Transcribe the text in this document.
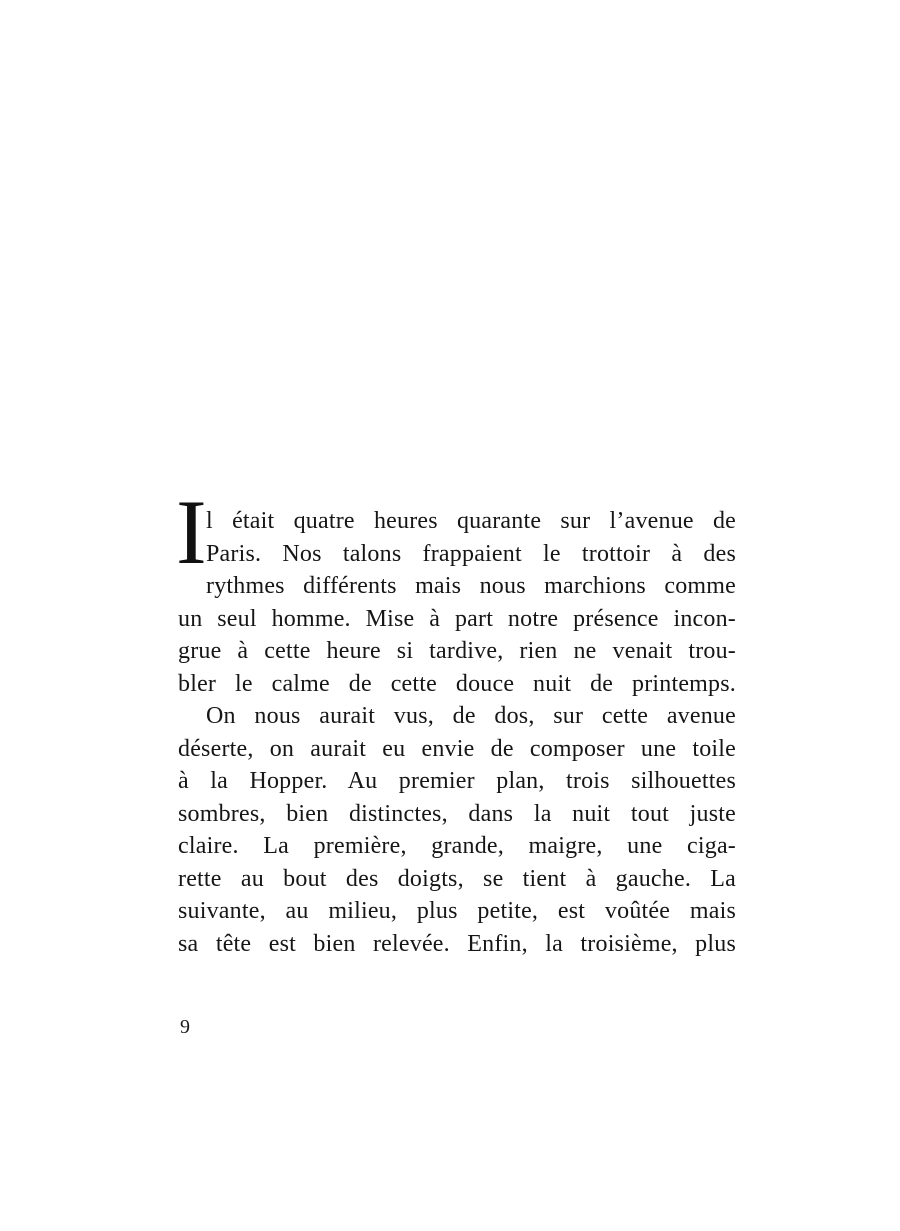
I l était quatre heures quarante sur l’avenue de
Paris. Nos talons frappaient le trottoir à des
rythmes différents mais nous marchions comme
un seul homme. Mise à part notre présence incon-
grue à cette heure si tardive, rien ne venait trou-
bler le calme de cette douce nuit de printemps.
On nous aurait vus, de dos, sur cette avenue
déserte, on aurait eu envie de composer une toile
à la Hopper. Au premier plan, trois silhouettes
sombres, bien distinctes, dans la nuit tout juste
claire. La première, grande, maigre, une ciga-
rette au bout des doigts, se tient à gauche. La
suivante, au milieu, plus petite, est voûtée mais
sa tête est bien relevée. Enfin, la troisième, plus
9
